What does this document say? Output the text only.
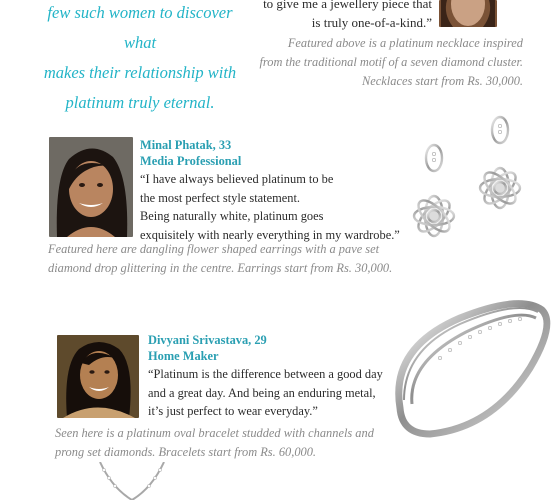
few such women to discover what
makes their relationship with
platinum truly eternal.
to give me a jewellery piece that
is truly one-of-a-kind.”
Featured above is a platinum necklace inspired
from the traditional motif of a seven diamond cluster.
Necklaces start from Rs. 30,000.
Minal Phatak, 33
Media Professional
“I have always believed platinum to be
the most perfect style statement.
Being naturally white, platinum goes
exquisitely with nearly everything in my wardrobe.”
Featured here are dangling flower shaped earrings with a pave set
diamond drop glittering in the centre. Earrings start from Rs. 30,000.
Divyani Srivastava, 29
Home Maker
“Platinum is the difference between a good day
and a great day. And being an enduring metal,
it’s just perfect to wear everyday.”
Seen here is a platinum oval bracelet studded with channels and
prong set diamonds. Bracelets start from Rs. 60,000.
